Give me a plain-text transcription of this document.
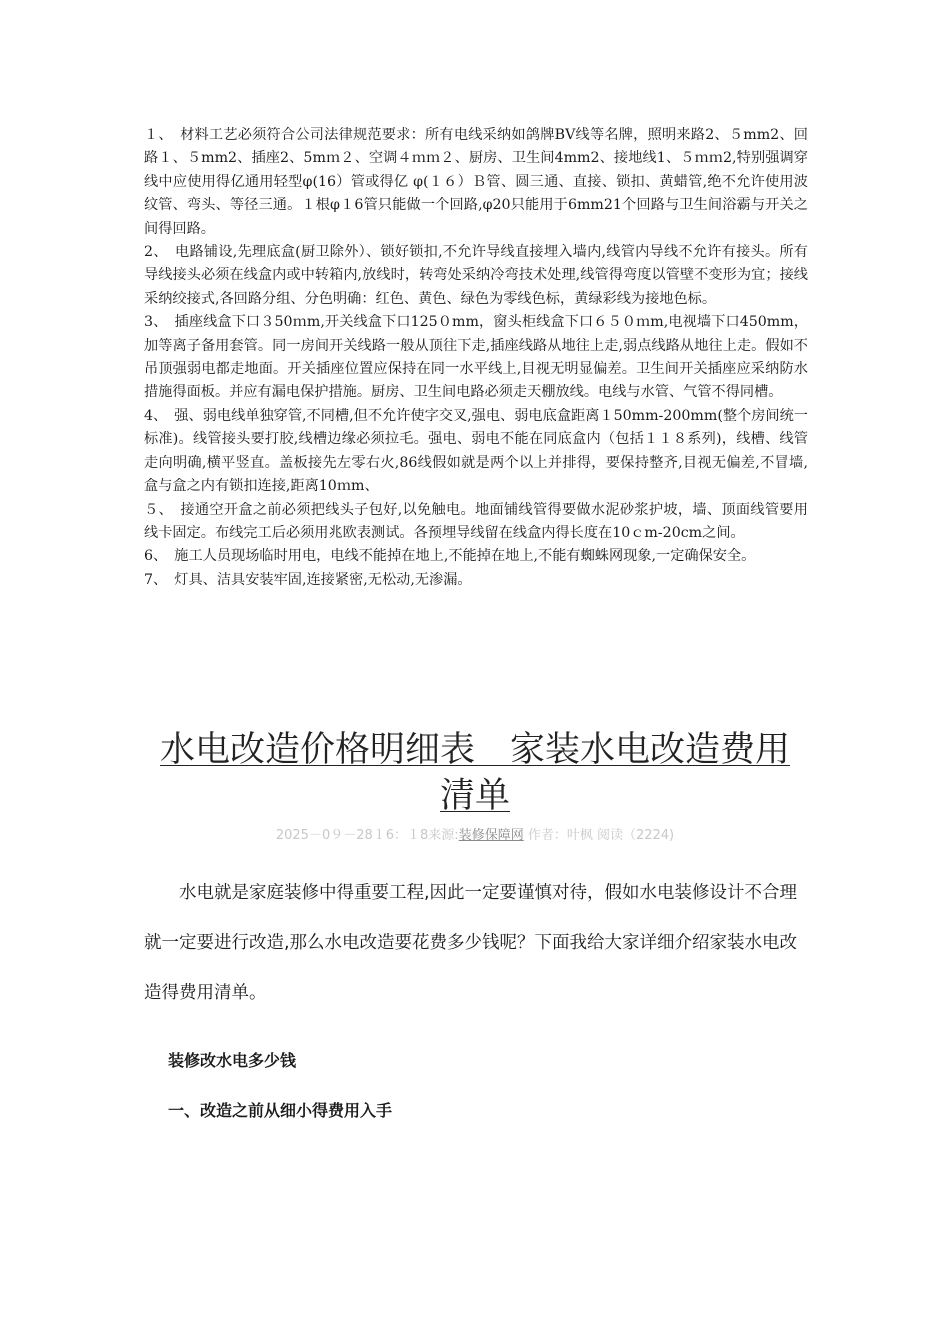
１、　材料工艺必须符合公司法律规范要求：所有电线采纳如鸽牌BV线等名牌，照明来路2、５mm2、回路１、５mm2、插座2、5mｍ２、空调４ｍｍ２、厨房、卫生间4mm2、接地线1、５ｍｍ2,特别强调穿线中应使用得亿通用轻型φ(16）管或得亿 φ(１６）Ｂ管、圆三通、直接、锁扣、黄蜡管,绝不允许使用波纹管、弯头、等径三通。１根φ１6管只能做一个回路,φ20只能用于6mm21个回路与卫生间浴霸与开关之间得回路。

2、　电路铺设,先理底盒(厨卫除外）、锁好锁扣,不允许导线直接埋入墙内,线管内导线不允许有接头。所有导线接头必须在线盒内或中转箱内,放线时，转弯处采纳冷弯技术处理,线管得弯度以管壁不变形为宜；接线采纳绞接式,各回路分组、分色明确：红色、黄色、绿色为零线色标，黄绿彩线为接地色标。

3、　插座线盒下口３50ｍm,开关线盒下口125０mm，窗头柜线盒下口６５０ｍm,电视墙下口450mm，加等离子备用套管。同一房间开关线路一般从顶往下走,插座线路从地往上走,弱点线路从地往上走。假如不吊顶强弱电都走地面。开关插座位置应保持在同一水平线上,目视无明显偏差。卫生间开关插座应采纳防水措施得面板。并应有漏电保护措施。厨房、卫生间电路必须走天棚放线。电线与水管、气管不得同槽。

4、　强、弱电线单独穿管,不同槽,但不允许使字交叉,强电、弱电底盒距离１50mm-200mm(整个房间统一标准)。线管接头要打胶,线槽边缘必须拉毛。强电、弱电不能在同底盒内（包括１１８系列)，线槽、线管走向明确,横平竖直。盖板接先左零右火,86线假如就是两个以上并排得，要保持整齐,目视无偏差,不冒墙,盒与盒之内有锁扣连接,距离10ｍm、

５、　接通空开盒之前必须把线头子包好,以免触电。地面铺线管得要做水泥砂浆护坡，墙、顶面线管要用线卡固定。布线完工后必须用兆欧表测试。各预埋导线留在线盒内得长度在10ｃm-20cm之间。

6、　施工人员现场临时用电，电线不能掉在地上,不能掉在地上,不能有蜘蛛网现象,一定确保安全。

7、　灯具、洁具安装牢固,连接紧密,无松动,无渗漏。

水电改造价格明细表　家装水电改造费用
清单
2025－0９－28１6：１8来源:装修保障网 作者：叶枫 阅读（2224)

水电就是家庭装修中得重要工程,因此一定要谨慎对待，假如水电装修设计不合理就一定要进行改造,那么水电改造要花费多少钱呢？下面我给大家详细介绍家装水电改造得费用清单。

装修改水电多少钱
一、改造之前从细小得费用入手
